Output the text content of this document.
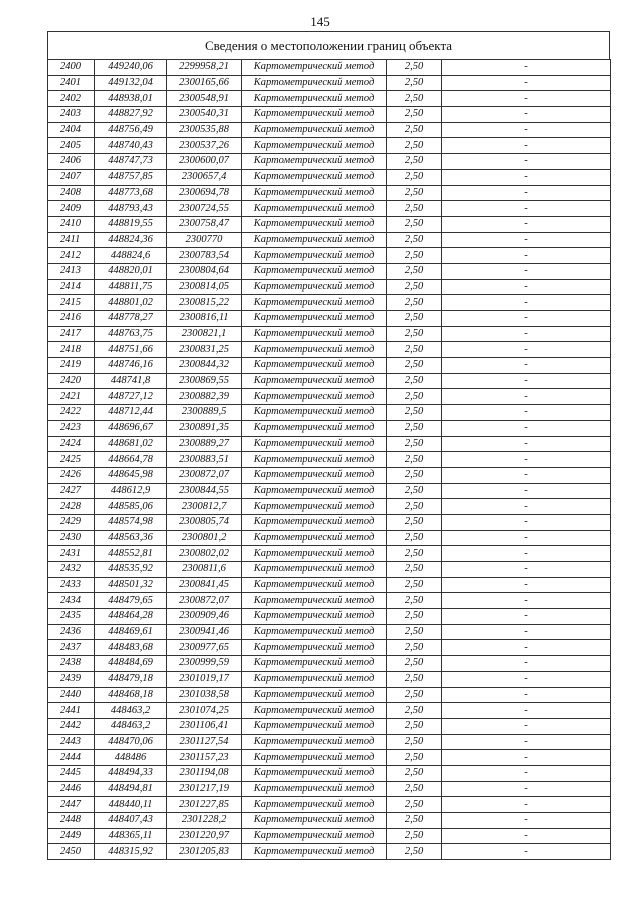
145
Сведения о местоположении границ объекта
2400	449240,06	2299958,21	Картометрический метод	2,50	-
2401	449132,04	2300165,66	Картометрический метод	2,50	-
2402	448938,01	2300548,91	Картометрический метод	2,50	-
2403	448827,92	2300540,31	Картометрический метод	2,50	-
2404	448756,49	2300535,88	Картометрический метод	2,50	-
2405	448740,43	2300537,26	Картометрический метод	2,50	-
2406	448747,73	2300600,07	Картометрический метод	2,50	-
2407	448757,85	2300657,4	Картометрический метод	2,50	-
2408	448773,68	2300694,78	Картометрический метод	2,50	-
2409	448793,43	2300724,55	Картометрический метод	2,50	-
2410	448819,55	2300758,47	Картометрический метод	2,50	-
2411	448824,36	2300770	Картометрический метод	2,50	-
2412	448824,6	2300783,54	Картометрический метод	2,50	-
2413	448820,01	2300804,64	Картометрический метод	2,50	-
2414	448811,75	2300814,05	Картометрический метод	2,50	-
2415	448801,02	2300815,22	Картометрический метод	2,50	-
2416	448778,27	2300816,11	Картометрический метод	2,50	-
2417	448763,75	2300821,1	Картометрический метод	2,50	-
2418	448751,66	2300831,25	Картометрический метод	2,50	-
2419	448746,16	2300844,32	Картометрический метод	2,50	-
2420	448741,8	2300869,55	Картометрический метод	2,50	-
2421	448727,12	2300882,39	Картометрический метод	2,50	-
2422	448712,44	2300889,5	Картометрический метод	2,50	-
2423	448696,67	2300891,35	Картометрический метод	2,50	-
2424	448681,02	2300889,27	Картометрический метод	2,50	-
2425	448664,78	2300883,51	Картометрический метод	2,50	-
2426	448645,98	2300872,07	Картометрический метод	2,50	-
2427	448612,9	2300844,55	Картометрический метод	2,50	-
2428	448585,06	2300812,7	Картометрический метод	2,50	-
2429	448574,98	2300805,74	Картометрический метод	2,50	-
2430	448563,36	2300801,2	Картометрический метод	2,50	-
2431	448552,81	2300802,02	Картометрический метод	2,50	-
2432	448535,92	2300811,6	Картометрический метод	2,50	-
2433	448501,32	2300841,45	Картометрический метод	2,50	-
2434	448479,65	2300872,07	Картометрический метод	2,50	-
2435	448464,28	2300909,46	Картометрический метод	2,50	-
2436	448469,61	2300941,46	Картометрический метод	2,50	-
2437	448483,68	2300977,65	Картометрический метод	2,50	-
2438	448484,69	2300999,59	Картометрический метод	2,50	-
2439	448479,18	2301019,17	Картометрический метод	2,50	-
2440	448468,18	2301038,58	Картометрический метод	2,50	-
2441	448463,2	2301074,25	Картометрический метод	2,50	-
2442	448463,2	2301106,41	Картометрический метод	2,50	-
2443	448470,06	2301127,54	Картометрический метод	2,50	-
2444	448486	2301157,23	Картометрический метод	2,50	-
2445	448494,33	2301194,08	Картометрический метод	2,50	-
2446	448494,81	2301217,19	Картометрический метод	2,50	-
2447	448440,11	2301227,85	Картометрический метод	2,50	-
2448	448407,43	2301228,2	Картометрический метод	2,50	-
2449	448365,11	2301220,97	Картометрический метод	2,50	-
2450	448315,92	2301205,83	Картометрический метод	2,50	-
